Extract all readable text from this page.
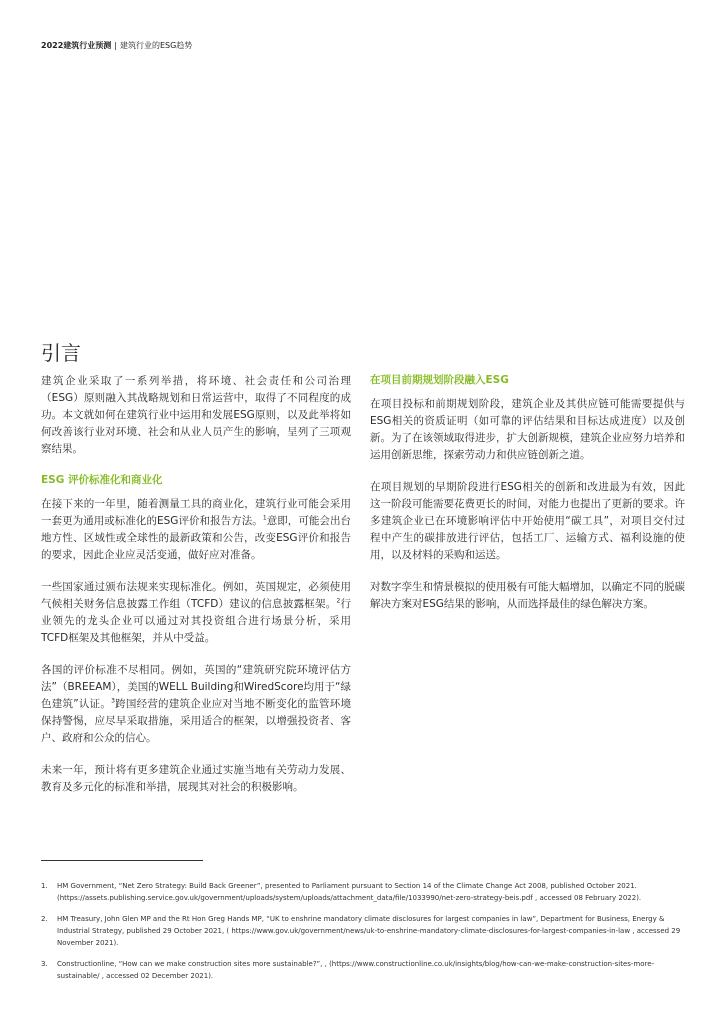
2022建筑行业预测 | 建筑行业的ESG趋势
引言

建筑企业采取了一系列举措，将环境、社会责任和公司治理（ESG）原则融入其战略规划和日常运营中，取得了不同程度的成功。本文就如何在建筑行业中运用和发展ESG原则，以及此举将如何改善该行业对环境、社会和从业人员产生的影响，呈列了三项观察结果。

ESG 评价标准化和商业化

在接下来的一年里，随着测量工具的商业化，建筑行业可能会采用一套更为通用或标准化的ESG评价和报告方法。$^1$意即，可能会出台地方性、区域性或全球性的最新政策和公告，改变ESG评价和报告的要求，因此企业应灵活变通，做好应对准备。

一些国家通过颁布法规来实现标准化。例如，英国规定，必须使用气候相关财务信息披露工作组（TCFD）建议的信息披露框架。$^2$行业领先的龙头企业可以通过对其投资组合进行场景分析，采用TCFD框架及其他框架，并从中受益。

各国的评价标准不尽相同。例如，英国的“建筑研究院环境评估方法”（BREEAM），美国的WELL Building和WiredScore均用于“绿色建筑”认证。$^3$跨国经营的建筑企业应对当地不断变化的监管环境保持警惕，应尽早采取措施，采用适合的框架，以增强投资者、客户、政府和公众的信心。

未来一年，预计将有更多建筑企业通过实施当地有关劳动力发展、教育及多元化的标准和举措，展现其对社会的积极影响。

在项目前期规划阶段融入ESG

在项目投标和前期规划阶段，建筑企业及其供应链可能需要提供与ESG相关的资质证明（如可靠的评估结果和目标达成进度）以及创新。为了在该领域取得进步，扩大创新规模，建筑企业应努力培养和运用创新思维，探索劳动力和供应链创新之道。

在项目规划的早期阶段进行ESG相关的创新和改进最为有效，因此这一阶段可能需要花费更长的时间，对能力也提出了更新的要求。许多建筑企业已在环境影响评估中开始使用“碳工具”，对项目交付过程中产生的碳排放进行评估，包括工厂、运输方式、福利设施的使用，以及材料的采购和运送。

对数字孪生和情景模拟的使用极有可能大幅增加，以确定不同的脱碳解决方案对ESG结果的影响，从而选择最佳的绿色解决方案。

1.	HM Government, “Net Zero Strategy: Build Back Greener”, presented to Parliament pursuant to Section 14 of the Climate Change Act 2008, published October 2021. (https://assets.publishing.service.gov.uk/government/uploads/system/uploads/attachment_data/file/1033990/net-zero-strategy-beis.pdf , accessed 08 February 2022).
2.	HM Treasury, John Glen MP and the Rt Hon Greg Hands MP, “UK to enshrine mandatory climate disclosures for largest companies in law”, Department for Business, Energy & Industrial Strategy, published 29 October 2021, ( https://www.gov.uk/government/news/uk-to-enshrine-mandatory-climate-disclosures-for-largest-companies-in-law , accessed 29 November 2021).
3.	Constructionline, “How can we make construction sites more sustainable?”, , (https://www.constructionline.co.uk/insights/blog/how-can-we-make-construction-sites-more-sustainable/ , accessed 02 December 2021).
